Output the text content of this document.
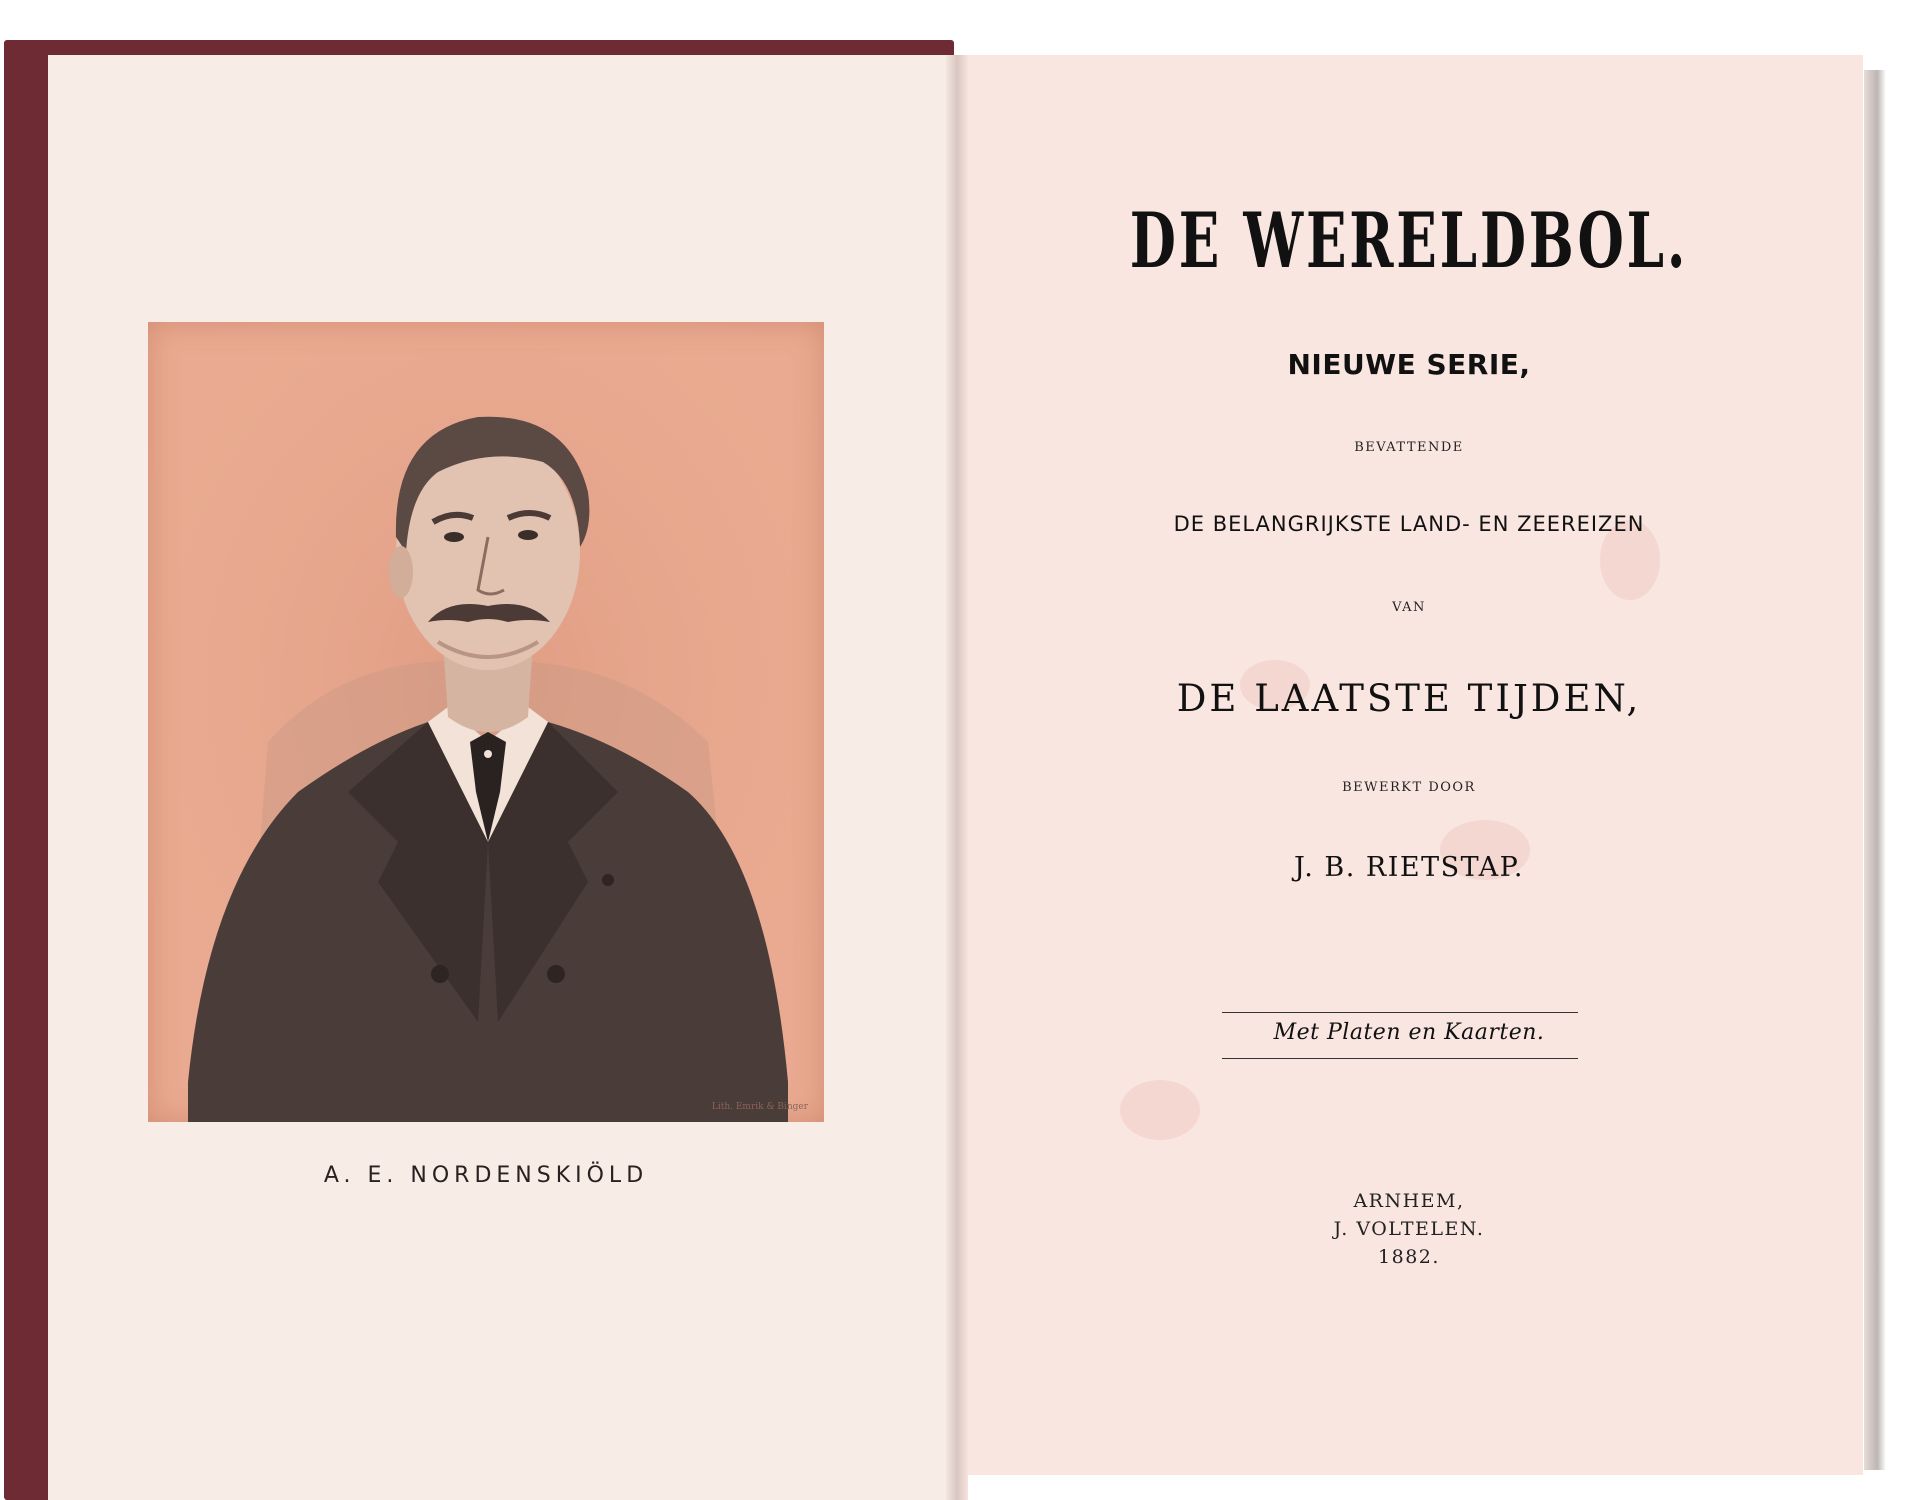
Lith. Emrik & Binger
A. E. NORDENSKIÖLD
DE WERELDBOL.
NIEUWE SERIE,
BEVATTENDE
DE BELANGRIJKSTE LAND- EN ZEEREIZEN
VAN
DE LAATSTE TIJDEN,
BEWERKT DOOR
J. B. RIETSTAP.
Met Platen en Kaarten.
ARNHEM,
J. VOLTELEN.
1882.
